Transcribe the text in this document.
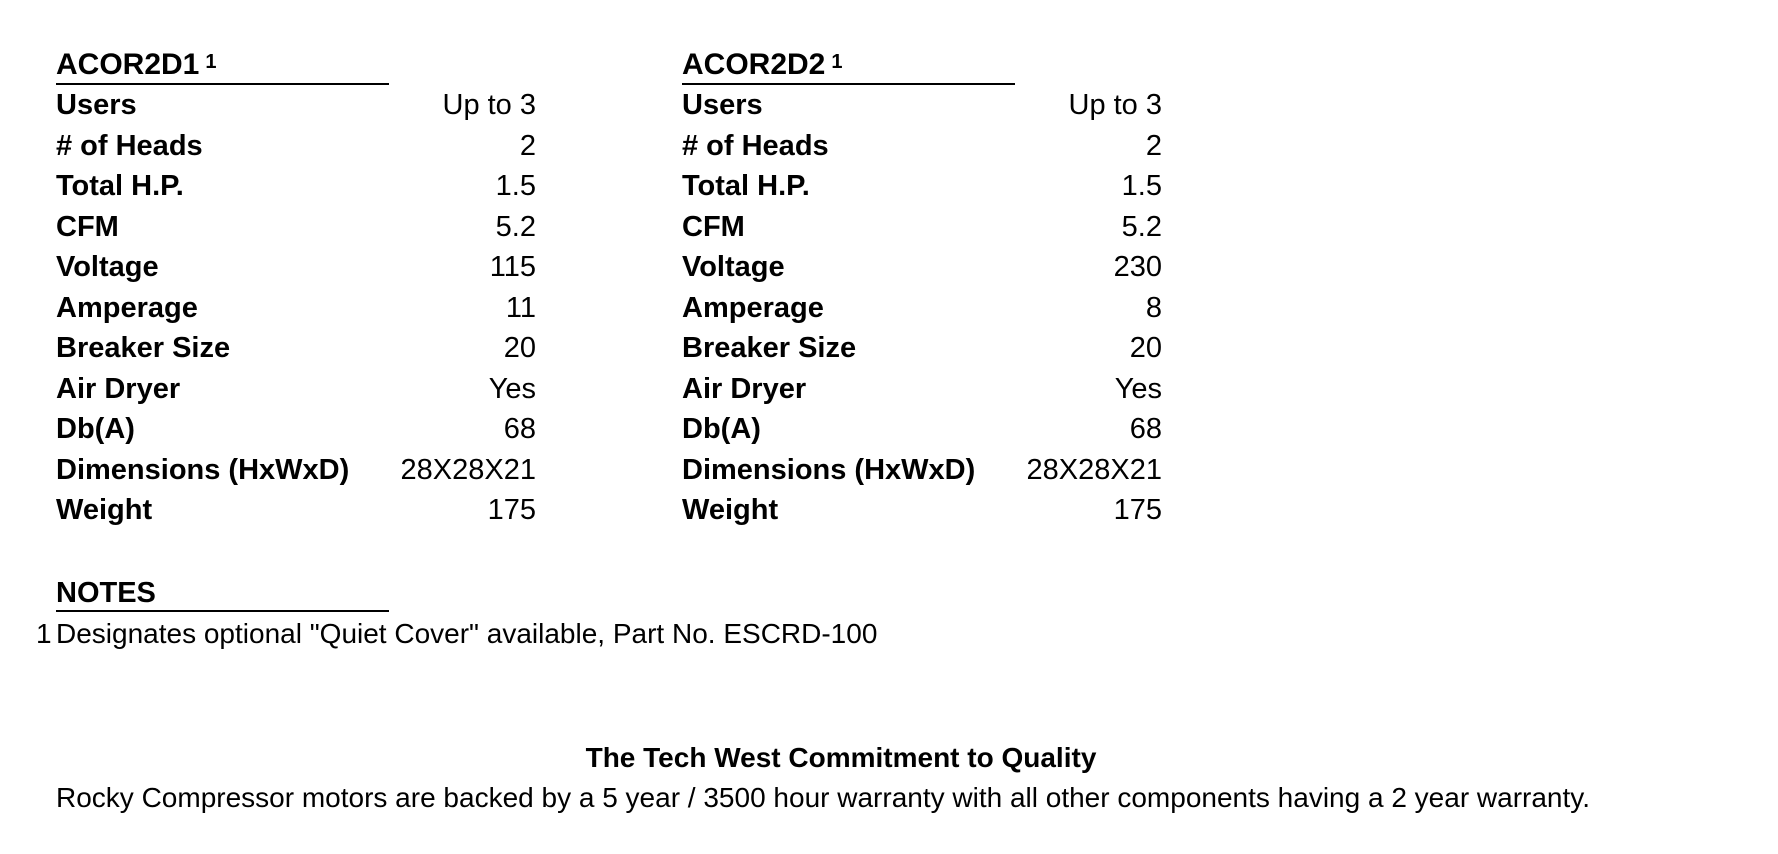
ACOR2D1 $^1$
Users	Up to 3
# of Heads	2
Total H.P.	1.5
CFM	5.2
Voltage	115
Amperage	11
Breaker Size	20
Air Dryer	Yes
Db(A)	68
Dimensions (HxWxD) 28X28X21
Weight	175
ACOR2D2 $^1$
Users	Up to 3
# of Heads	2
Total H.P.	1.5
CFM	5.2
Voltage	230
Amperage	8
Breaker Size	20
Air Dryer	Yes
Db(A)	68
Dimensions (HxWxD) 28X28X21
Weight	175
NOTES
1 Designates optional "Quiet Cover" available, Part No. ESCRD-100
The Tech West Commitment to Quality
Rocky Compressor motors are backed by a 5 year / 3500 hour warranty with all other components having a 2 year warranty.
